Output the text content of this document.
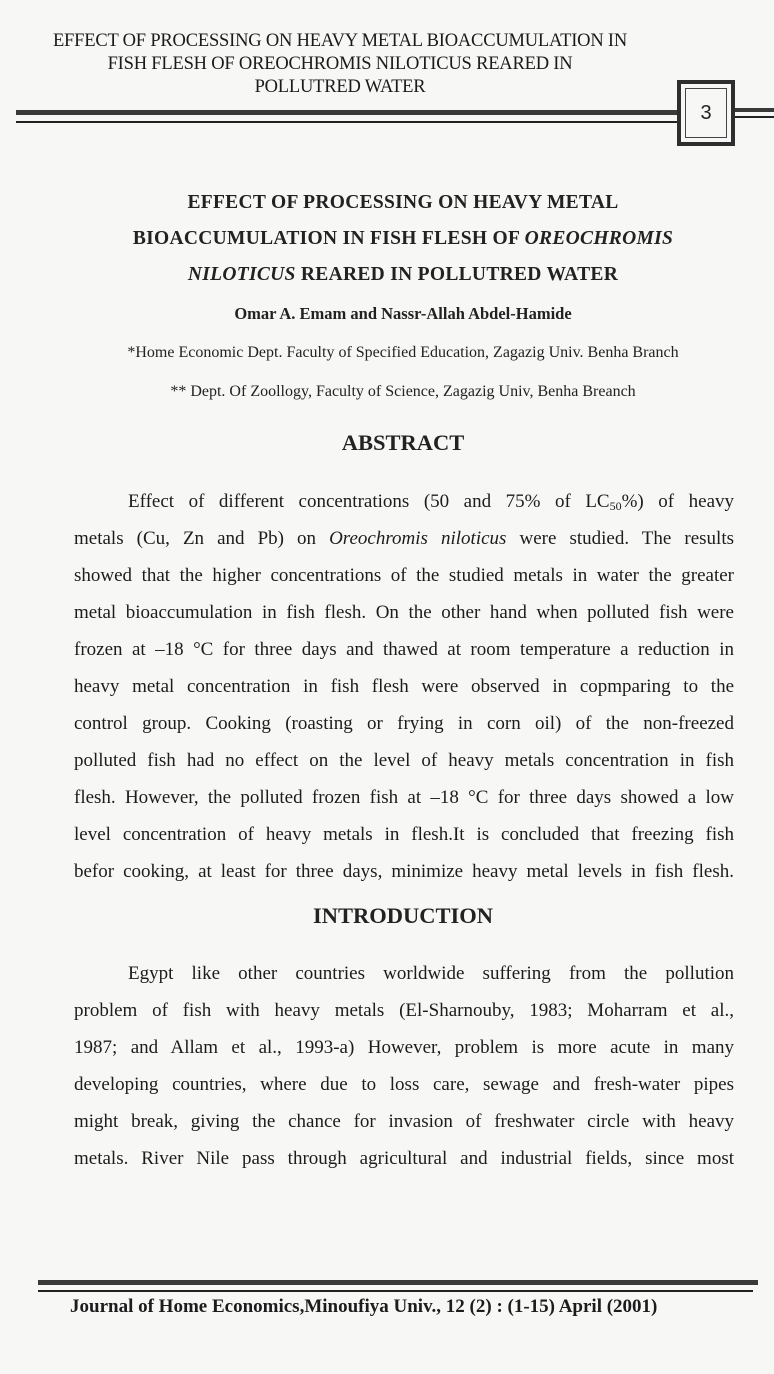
EFFECT OF PROCESSING ON HEAVY METAL BIOACCUMULATION IN
FISH FLESH OF OREOCHROMIS NILOTICUS REARED IN
POLLUTRED WATER
3
EFFECT OF PROCESSING ON HEAVY METAL
BIOACCUMULATION IN FISH FLESH OF OREOCHROMIS
NILOTICUS REARED IN POLLUTRED WATER
Omar A. Emam and Nassr-Allah Abdel-Hamide
*Home Economic Dept. Faculty of Specified Education, Zagazig Univ. Benha Branch
** Dept. Of Zoollogy, Faculty of Science, Zagazig Univ, Benha Breanch
ABSTRACT
Effect of different concentrations (50 and 75% of $LC_{50}\%$) of heavy
metals (Cu, Zn and Pb) on Oreochromis niloticus were studied. The results
showed that the higher concentrations of the studied metals in water the greater
metal bioaccumulation in fish flesh. On the other hand when polluted fish were
frozen at –18 °C for three days and thawed at room temperature a reduction in
heavy metal concentration in fish flesh were observed in copmparing to the
control group. Cooking (roasting or frying in corn oil) of the non-freezed
polluted fish had no effect on the level of heavy metals concentration in fish
flesh. However, the polluted frozen fish at –18 °C for three days showed a low
level concentration of heavy metals in flesh.It is concluded that freezing fish
befor cooking, at least for three days, minimize heavy metal levels in fish flesh.
INTRODUCTION
Egypt like other countries worldwide suffering from the pollution
problem of fish with heavy metals (El-Sharnouby, 1983; Moharram et al.,
1987; and Allam et al., 1993-a) However, problem is more acute in many
developing countries, where due to loss care, sewage and fresh-water pipes
might break, giving the chance for invasion of freshwater circle with heavy
metals. River Nile pass through agricultural and industrial fields, since most
Journal of Home Economics,Minoufiya Univ., 12 (2) : (1-15) April (2001)
